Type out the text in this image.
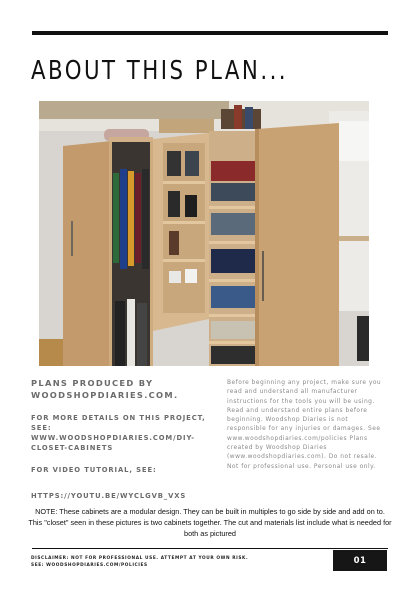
ABOUT THIS PLAN...

PLANS PRODUCED BY WOODSHOPDIARIES.COM.

FOR MORE DETAILS ON THIS PROJECT, SEE:

WWW.WOODSHOPDIARIES.COM/DIY-CLOSET-CABINETS

FOR VIDEO TUTORIAL, SEE:

HTTPS://YOUTU.BE/WYCLGVB_VXS

Before beginning any project, make sure you read and understand all manufacturer instructions for the tools you will be using. Read and understand entire plans before beginning. Woodshop Diaries is not responsible for any injuries or damages. See www.woodshopdiaries.com/policies Plans created by Woodshop Diaries (www.woodshopdiaries.com). Do not resale. Not for professional use. Personal use only.
NOTE: These cabinets are a modular design. They can be built in multiples to go side by side and add on to. This "closet" seen in these pictures is two cabinets together. The cut and materials list include what is needed for both as pictured
DISCLAIMER: NOT FOR PROFESSIONAL USE. ATTEMPT AT YOUR OWN RISK.
SEE: WOODSHOPDIARIES.COM/POLICIES	01
